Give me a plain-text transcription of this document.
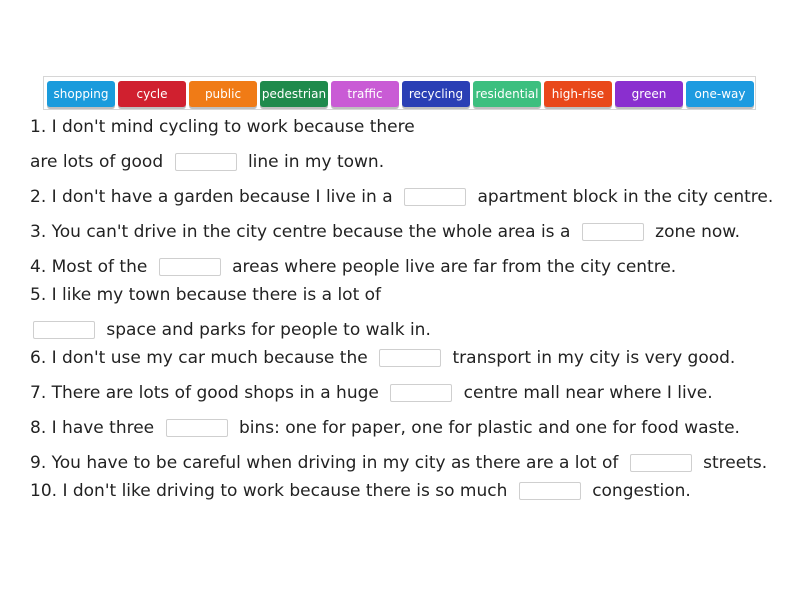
shopping	cycle	public	pedestrian	traffic	recycling	residential	high-rise	green	one-way
1. I don't mind cycling to work because there
are lots of good	line in my town.
2. I don't have a garden because I live in a	apartment block in the city centre.
3. You can't drive in the city centre because the whole area is a	zone now.
4. Most of the	areas where people live are far from the city centre.
5. I like my town because there is a lot of
space and parks for people to walk in.
6. I don't use my car much because the	transport in my city is very good.
7. There are lots of good shops in a huge	centre mall near where I live.
8. I have three	bins: one for paper, one for plastic and one for food waste.
9. You have to be careful when driving in my city as there are a lot of	streets.
10. I don't like driving to work because there is so much	congestion.
